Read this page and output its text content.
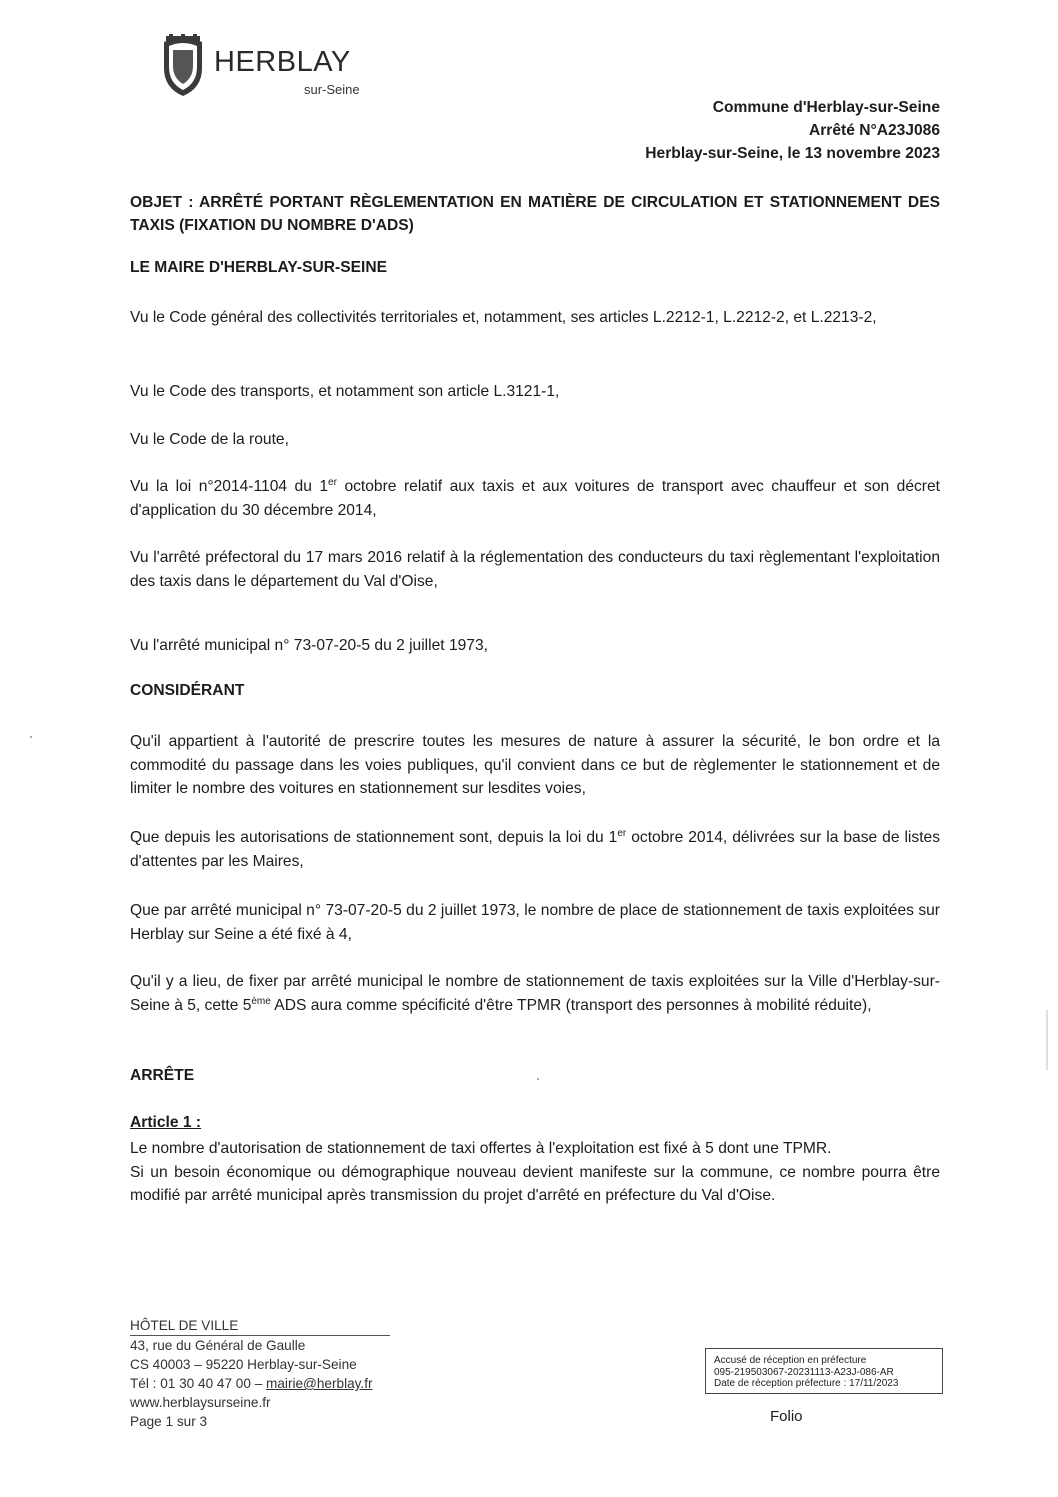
HERBLAY
sur-Seine
Commune d'Herblay-sur-Seine
Arrêté N°A23J086
Herblay-sur-Seine, le 13 novembre 2023
OBJET : ARRÊTÉ PORTANT RÈGLEMENTATION EN MATIÈRE DE CIRCULATION ET STATIONNEMENT DES TAXIS (FIXATION DU NOMBRE D'ADS)
LE MAIRE D'HERBLAY-SUR-SEINE
Vu le Code général des collectivités territoriales et, notamment, ses articles L.2212-1, L.2212-2, et L.2213-2,
Vu le Code des transports, et notamment son article L.3121-1,
Vu le Code de la route,
Vu la loi n°2014-1104 du 1er octobre relatif aux taxis et aux voitures de transport avec chauffeur et son décret d'application du 30 décembre 2014,
Vu l'arrêté préfectoral du 17 mars 2016 relatif à la réglementation des conducteurs du taxi règlementant l'exploitation des taxis dans le département du Val d'Oise,
Vu l'arrêté municipal n° 73-07-20-5 du 2 juillet 1973,
CONSIDÉRANT
Qu'il appartient à l'autorité de prescrire toutes les mesures de nature à assurer la sécurité, le bon ordre et la commodité du passage dans les voies publiques, qu'il convient dans ce but de règlementer le stationnement et de limiter le nombre des voitures en stationnement sur lesdites voies,
Que depuis les autorisations de stationnement sont, depuis la loi du 1er octobre 2014, délivrées sur la base de listes d'attentes par les Maires,
Que par arrêté municipal n° 73-07-20-5 du 2 juillet 1973, le nombre de place de stationnement de taxis exploitées sur Herblay sur Seine a été fixé à 4,
Qu'il y a lieu, de fixer par arrêté municipal le nombre de stationnement de taxis exploitées sur la Ville d'Herblay-sur-Seine à 5, cette 5ème ADS aura comme spécificité d'être TPMR (transport des personnes à mobilité réduite),
ARRÊTE
Article 1 :
Le nombre d'autorisation de stationnement de taxi offertes à l'exploitation est fixé à 5 dont une TPMR.
Si un besoin économique ou démographique nouveau devient manifeste sur la commune, ce nombre pourra être modifié par arrêté municipal après transmission du projet d'arrêté en préfecture du Val d'Oise.
HÔTEL DE VILLE
43, rue du Général de Gaulle
CS 40003 – 95220 Herblay-sur-Seine
Tél : 01 30 40 47 00 – mairie@herblay.fr
www.herblaysurseine.fr
Page 1 sur 3
Accusé de réception en préfecture
095-219503067-20231113-A23J-086-AR
Date de réception préfecture : 17/11/2023
Folio
